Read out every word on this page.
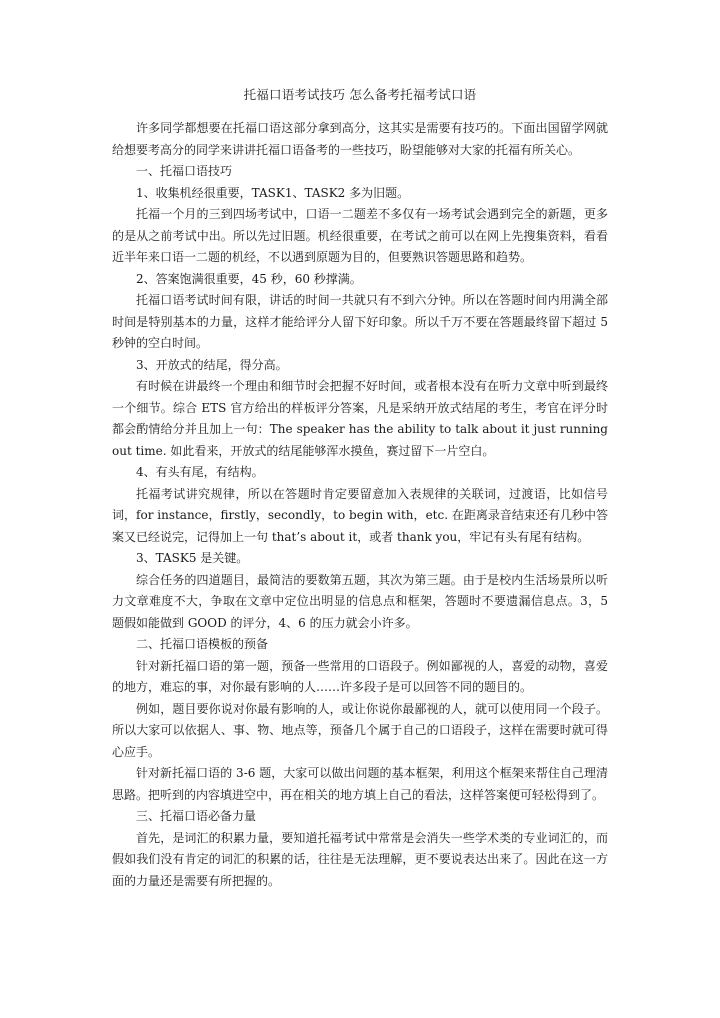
托福口语考试技巧 怎么备考托福考试口语

许多同学都想要在托福口语这部分拿到高分，这其实是需要有技巧的。下面出国留学网就给想要考高分的同学来讲讲托福口语备考的一些技巧，盼望能够对大家的托福有所关心。

一、托福口语技巧

1、收集机经很重要，TASK1、TASK2 多为旧题。

托福一个月的三到四场考试中，口语一二题差不多仅有一场考试会遇到完全的新题，更多的是从之前考试中出。所以先过旧题。机经很重要，在考试之前可以在网上先搜集资料，看看近半年来口语一二题的机经，不以遇到原题为目的，但要熟识答题思路和趋势。

2、答案饱满很重要，45 秒，60 秒撑满。

托福口语考试时间有限，讲话的时间一共就只有不到六分钟。所以在答题时间内用满全部时间是特别基本的力量，这样才能给评分人留下好印象。所以千万不要在答题最终留下超过 5 秒钟的空白时间。

3、开放式的结尾，得分高。

有时候在讲最终一个理由和细节时会把握不好时间，或者根本没有在听力文章中听到最终一个细节。综合 ETS 官方给出的样板评分答案，凡是采纳开放式结尾的考生，考官在评分时都会酌情给分并且加上一句：The speaker has the ability to talk about it just running out time. 如此看来，开放式的结尾能够浑水摸鱼，赛过留下一片空白。

4、有头有尾，有结构。

托福考试讲究规律，所以在答题时肯定要留意加入表规律的关联词，过渡语，比如信号词，for instance，firstly，secondly，to begin with，etc. 在距离录音结束还有几秒中答案又已经说完，记得加上一句 that’s about it，或者 thank you，牢记有头有尾有结构。

3、TASK5 是关键。

综合任务的四道题目，最简洁的要数第五题，其次为第三题。由于是校内生活场景所以听力文章难度不大，争取在文章中定位出明显的信息点和框架，答题时不要遗漏信息点。3，5 题假如能做到 GOOD 的评分，4、6 的压力就会小许多。

二、托福口语模板的预备

针对新托福口语的第一题，预备一些常用的口语段子。例如鄙视的人，喜爱的动物，喜爱的地方，难忘的事，对你最有影响的人……许多段子是可以回答不同的题目的。

例如，题目要你说对你最有影响的人，或让你说你最鄙视的人，就可以使用同一个段子。所以大家可以依据人、事、物、地点等，预备几个属于自己的口语段子，这样在需要时就可得心应手。

针对新托福口语的 3-6 题，大家可以做出问题的基本框架，利用这个框架来帮住自己理清思路。把听到的内容填进空中，再在相关的地方填上自己的看法，这样答案便可轻松得到了。

三、托福口语必备力量

首先，是词汇的积累力量，要知道托福考试中常常是会消失一些学术类的专业词汇的，而假如我们没有肯定的词汇的积累的话，往往是无法理解，更不要说表达出来了。因此在这一方面的力量还是需要有所把握的。
